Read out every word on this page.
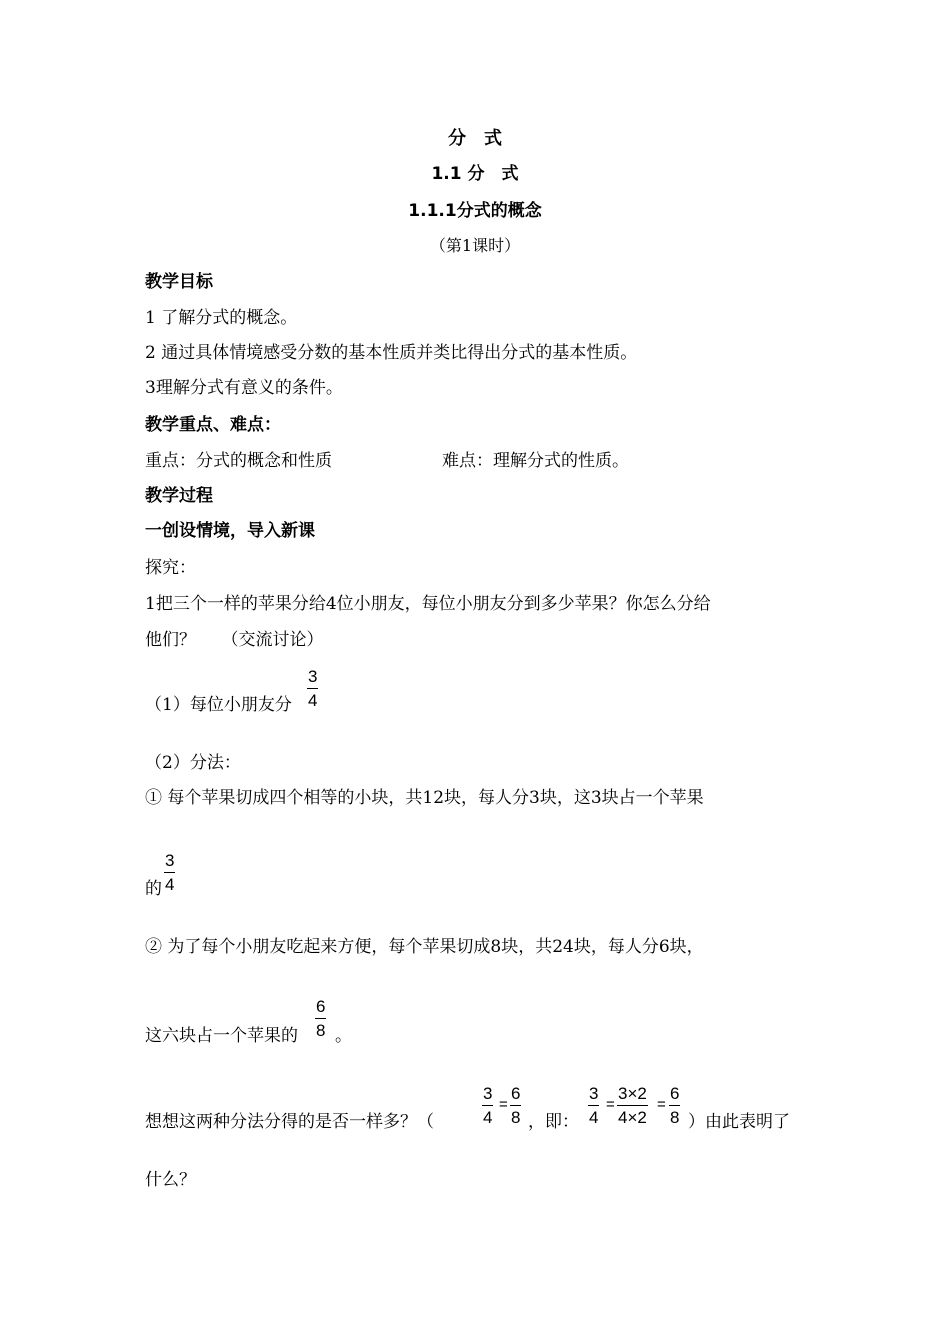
分　式
1.1 分　式
1.1.1分式的概念
（第1课时）
教学目标
1 了解分式的概念。
2 通过具体情境感受分数的基本性质并类比得出分式的基本性质。
3理解分式有意义的条件。
教学重点、难点：
重点：分式的概念和性质	难点：理解分式的性质。
教学过程
一创设情境，导入新课
探究：
1把三个一样的苹果分给4位小朋友，每位小朋友分到多少苹果？你怎么分给
他们？　　（交流讨论）
（1）每位小朋友分
3
4
（2）分法：
① 每个苹果切成四个相等的小块，共12块，每人分3块，这3块占一个苹果
的
3
4
② 为了每个小朋友吃起来方便，每个苹果切成8块，共24块，每人分6块，
这六块占一个苹果的
6
8 。
想想这两种分法分得的是否一样多？（
3
4
=
6
8 ，即：
3
4
=
3×2
4×2
=
6
8 ）由此表明了
什么？
